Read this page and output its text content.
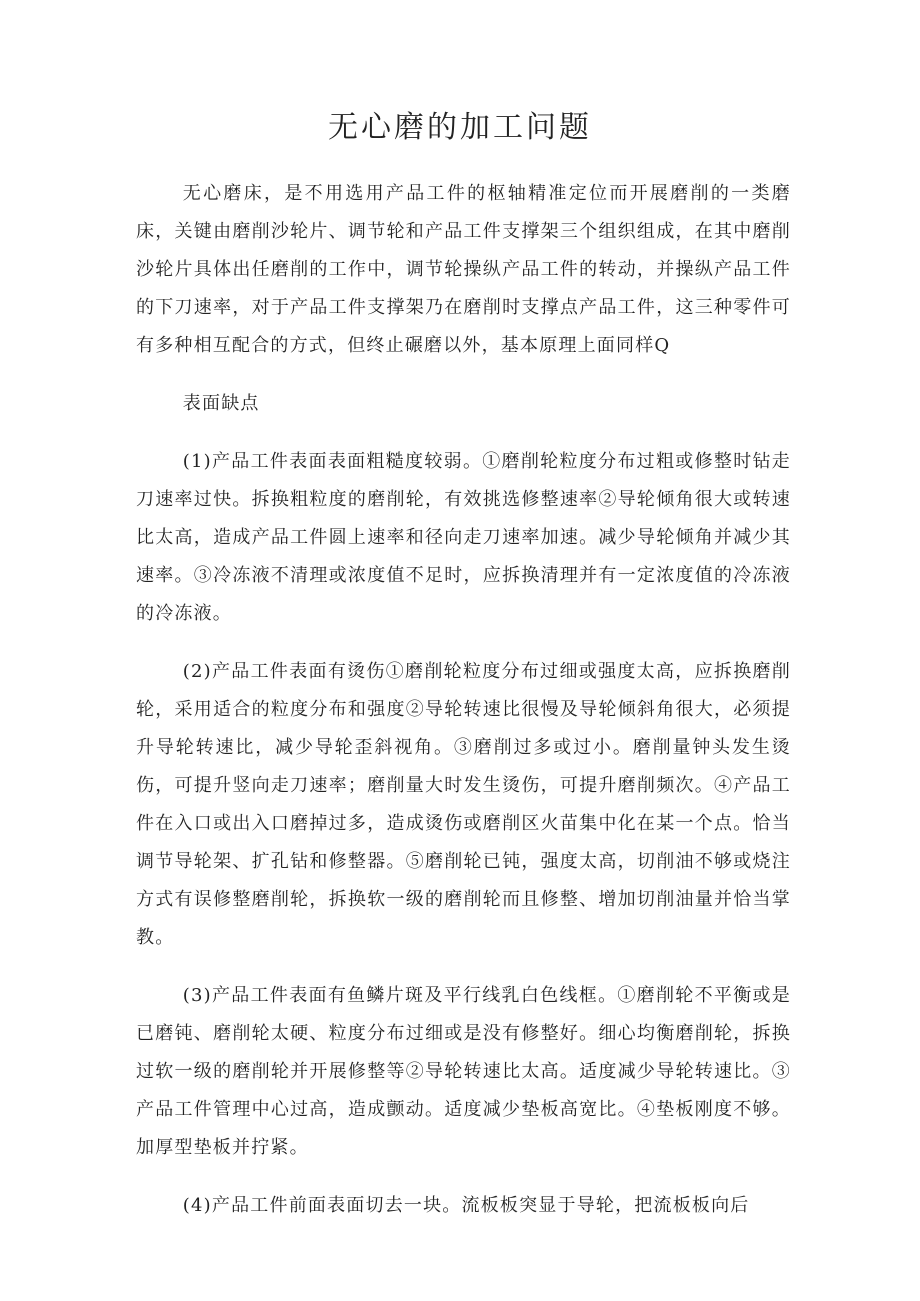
无心磨的加工问题

无心磨床，是不用选用产品工件的枢轴精准定位而开展磨削的一类磨床，关键由磨削沙轮片、调节轮和产品工件支撑架三个组织组成，在其中磨削沙轮片具体出任磨削的工作中，调节轮操纵产品工件的转动，并操纵产品工件的下刀速率，对于产品工件支撑架乃在磨削时支撑点产品工件，这三种零件可有多种相互配合的方式，但终止碾磨以外，基本原理上面同样Q

表面缺点

(1)产品工件表面表面粗糙度较弱。①磨削轮粒度分布过粗或修整时钻走刀速率过快。拆换粗粒度的磨削轮，有效挑选修整速率②导轮倾角很大或转速比太高，造成产品工件圆上速率和径向走刀速率加速。减少导轮倾角并减少其速率。③冷冻液不清理或浓度值不足时，应拆换清理并有一定浓度值的冷冻液的冷冻液。

(2)产品工件表面有烫伤①磨削轮粒度分布过细或强度太高，应拆换磨削轮，采用适合的粒度分布和强度②导轮转速比很慢及导轮倾斜角很大，必须提升导轮转速比，减少导轮歪斜视角。③磨削过多或过小。磨削量钟头发生烫伤，可提升竖向走刀速率；磨削量大时发生烫伤，可提升磨削频次。④产品工件在入口或出入口磨掉过多，造成烫伤或磨削区火苗集中化在某一个点。恰当调节导轮架、扩孔钻和修整器。⑤磨削轮已钝，强度太高，切削油不够或烧注方式有误修整磨削轮，拆换软一级的磨削轮而且修整、增加切削油量并恰当掌教。

(3)产品工件表面有鱼鳞片斑及平行线乳白色线框。①磨削轮不平衡或是已磨钝、磨削轮太硬、粒度分布过细或是没有修整好。细心均衡磨削轮，拆换过软一级的磨削轮并开展修整等②导轮转速比太高。适度减少导轮转速比。③产品工件管理中心过高，造成颤动。适度减少垫板高宽比。④垫板刚度不够。加厚型垫板并拧紧。

(4)产品工件前面表面切去一块。流板板突显于导轮，把流板板向后
